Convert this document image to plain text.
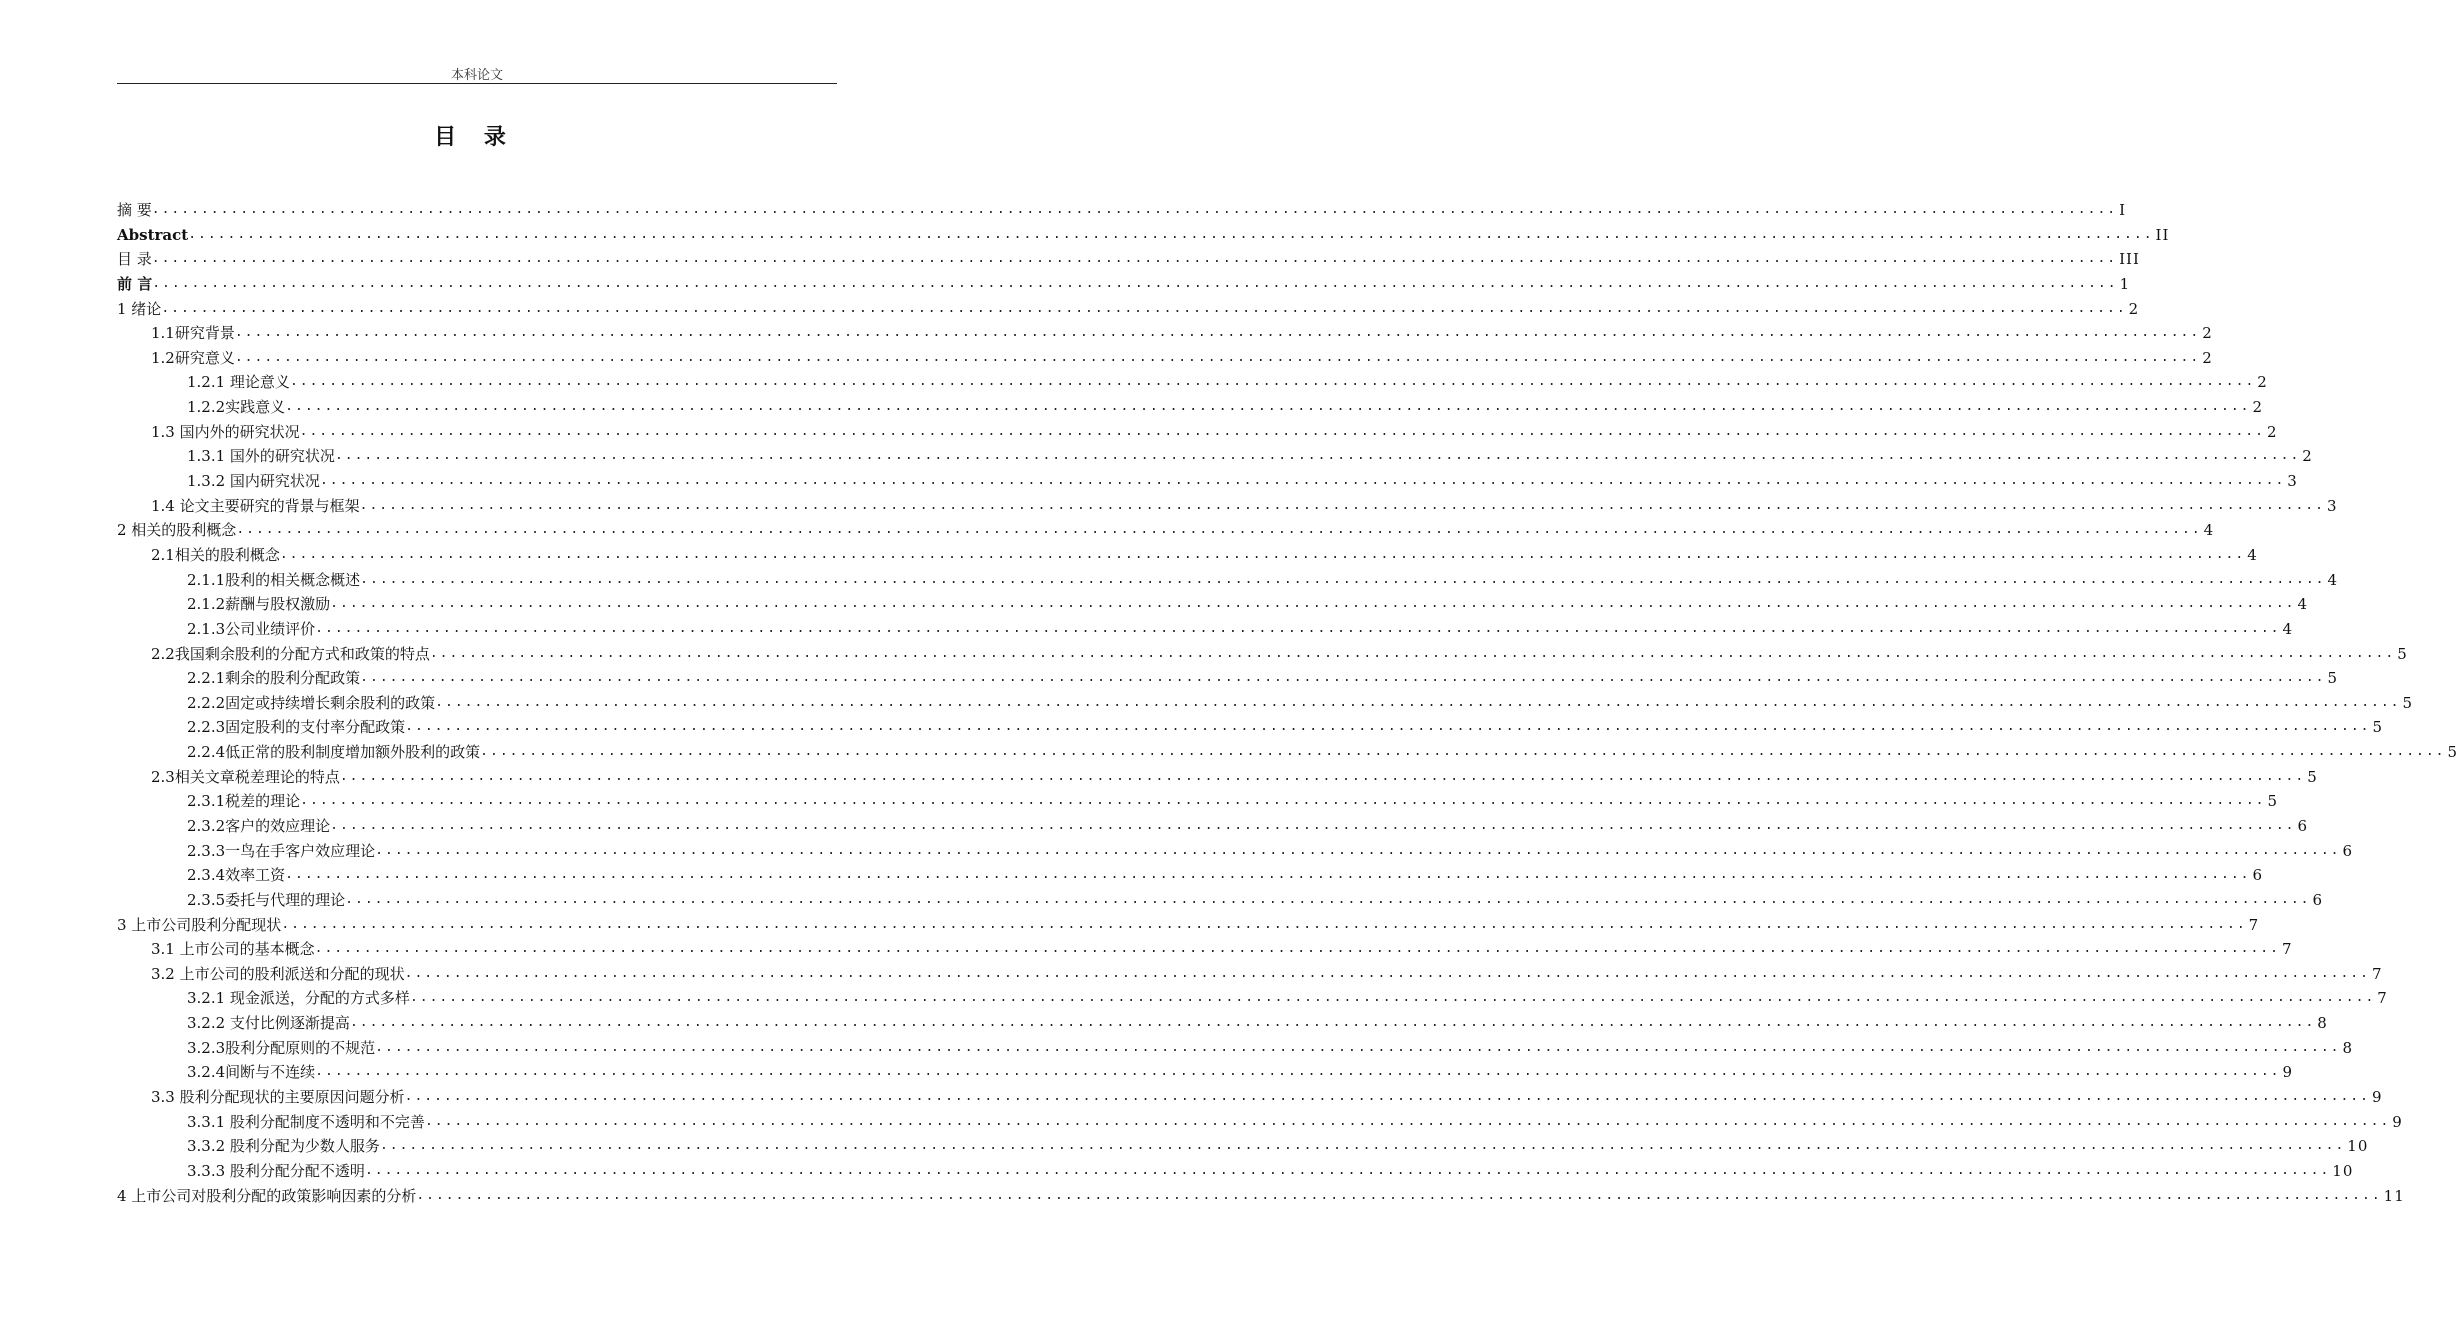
本科论文
目 录
摘 要 ........................................................................................................................................................................................................ I
Abstract ........................................................................................................................................................................................................ II
目 录 ........................................................................................................................................................................................................ III
前 言 ........................................................................................................................................................................................................ 1
1 绪论 ........................................................................................................................................................................................................ 2
1.1研究背景 ........................................................................................................................................................................................................ 2
1.2研究意义 ........................................................................................................................................................................................................ 2
1.2.1 理论意义 ........................................................................................................................................................................................................ 2
1.2.2实践意义 ........................................................................................................................................................................................................ 2
1.3 国内外的研究状况 ........................................................................................................................................................................................................ 2
1.3.1 国外的研究状况 ........................................................................................................................................................................................................ 2
1.3.2 国内研究状况 ........................................................................................................................................................................................................ 3
1.4 论文主要研究的背景与框架 ........................................................................................................................................................................................................ 3
2 相关的股利概念 ........................................................................................................................................................................................................ 4
2.1相关的股利概念 ........................................................................................................................................................................................................ 4
2.1.1股利的相关概念概述 ........................................................................................................................................................................................................ 4
2.1.2薪酬与股权激励 ........................................................................................................................................................................................................ 4
2.1.3公司业绩评价 ........................................................................................................................................................................................................ 4
2.2我国剩余股利的分配方式和政策的特点 ........................................................................................................................................................................................................ 5
2.2.1剩余的股利分配政策 ........................................................................................................................................................................................................ 5
2.2.2固定或持续增长剩余股利的政策 ........................................................................................................................................................................................................ 5
2.2.3固定股利的支付率分配政策 ........................................................................................................................................................................................................ 5
2.2.4低正常的股利制度增加额外股利的政策 ........................................................................................................................................................................................................ 5
2.3相关文章税差理论的特点 ........................................................................................................................................................................................................ 5
2.3.1税差的理论 ........................................................................................................................................................................................................ 5
2.3.2客户的效应理论 ........................................................................................................................................................................................................ 6
2.3.3一鸟在手客户效应理论 ........................................................................................................................................................................................................ 6
2.3.4效率工资 ........................................................................................................................................................................................................ 6
2.3.5委托与代理的理论 ........................................................................................................................................................................................................ 6
3 上市公司股利分配现状 ........................................................................................................................................................................................................ 7
3.1 上市公司的基本概念 ........................................................................................................................................................................................................ 7
3.2 上市公司的股利派送和分配的现状 ........................................................................................................................................................................................................ 7
3.2.1 现金派送，分配的方式多样 ........................................................................................................................................................................................................ 7
3.2.2 支付比例逐渐提高 ........................................................................................................................................................................................................ 8
3.2.3股利分配原则的不规范 ........................................................................................................................................................................................................ 8
3.2.4间断与不连续 ........................................................................................................................................................................................................ 9
3.3 股利分配现状的主要原因问题分析 ........................................................................................................................................................................................................ 9
3.3.1 股利分配制度不透明和不完善 ........................................................................................................................................................................................................ 9
3.3.2 股利分配为少数人服务 ........................................................................................................................................................................................................ 10
3.3.3 股利分配分配不透明 ........................................................................................................................................................................................................ 10
4 上市公司对股利分配的政策影响因素的分析 ........................................................................................................................................................................................................ 11
